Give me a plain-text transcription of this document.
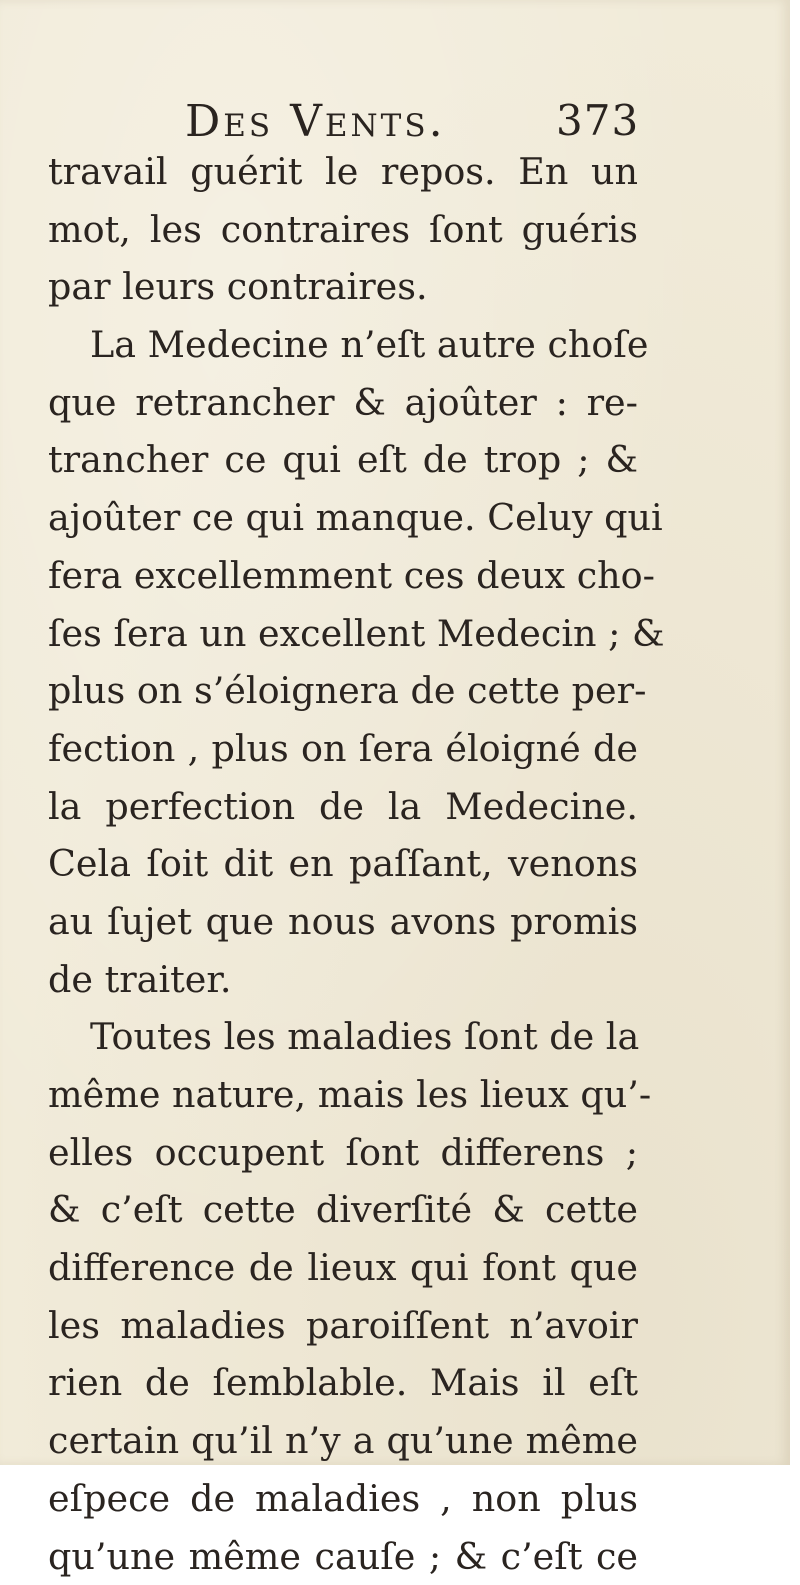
Des Vents.	373
travail guérit le repos. En un
mot, les contraires ſont guéris
par leurs contraires.
La Medecine n’eſt autre choſe
que retrancher & ajoûter : re-
trancher ce qui eſt de trop ; &
ajoûter ce qui manque. Celuy qui
fera excellemment ces deux cho-
ſes ſera un excellent Medecin ; &
plus on s’éloignera de cette per-
fection , plus on ſera éloigné de
la perfection de la Medecine.
Cela ſoit dit en paſſant, venons
au ſujet que nous avons promis
de traiter.
Toutes les maladies ſont de la
même nature, mais les lieux qu’-
elles occupent ſont differens ;
& c’eſt cette diverſité & cette
difference de lieux qui font que
les maladies paroiſſent n’avoir
rien de ſemblable. Mais il eſt
certain qu’il n’y a qu’une même
eſpece de maladies , non plus
qu’une même cauſe ; & c’eſt ce
